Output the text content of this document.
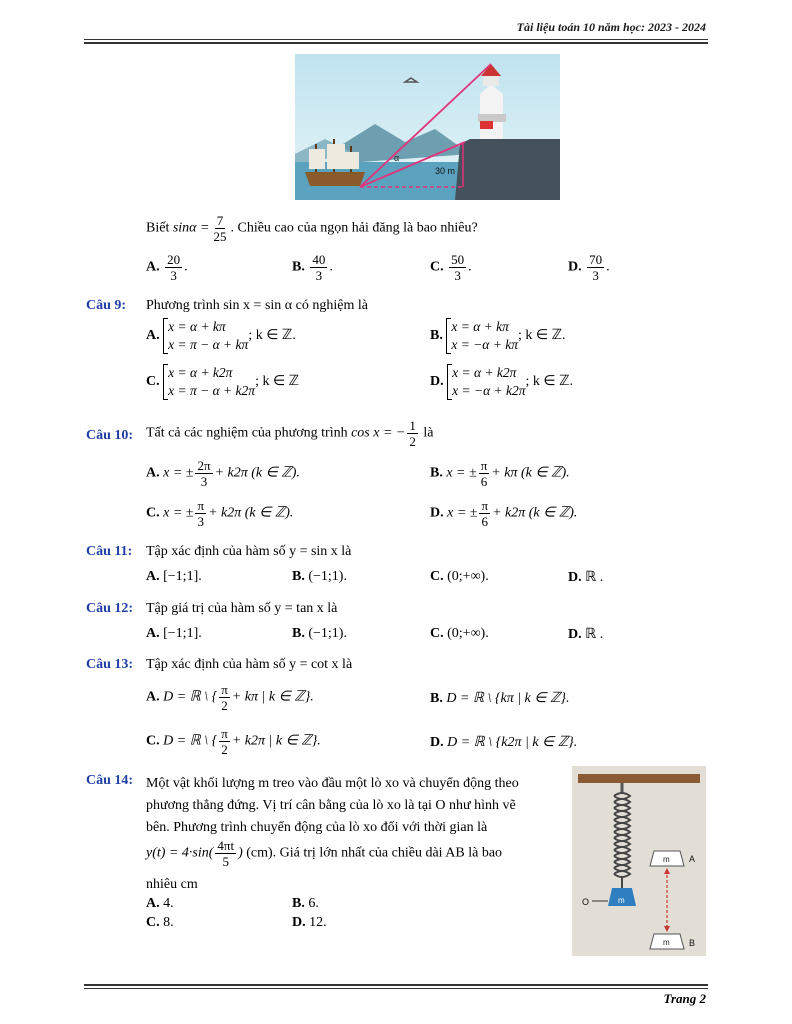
Tài liệu toán 10 năm học: 2023 - 2024
α
30 m
Biết $\sin\alpha = \frac{7}{25}$ . Chiều cao của ngọn hải đăng là bao nhiêu?
A. $\frac{20}{3}$ .	B. $\frac{40}{3}$ .	C. $\frac{50}{3}$ .	D. $\frac{70}{3}$ .
Câu 9: Phương trình sin x = sin α có nghiệm là
A.
x = α + kπ
x = π − α + kπ
; k ∈ ℤ.	B.
x = α + kπ
x = −α + kπ
; k ∈ ℤ.
C.
x = α + k2π
x = π − α + k2π
; k ∈ ℤ	D.
x = α + k2π
x = −α + k2π
; k ∈ ℤ.
Câu 10: Tất cả các nghiệm của phương trình cos x = − $\frac{1}{2}$ là
A. x = ± $\frac{2\pi}{3} + k2\pi$ (k ∈ ℤ).	B. x = ± $\frac{\pi}{6} + k\pi$ (k ∈ ℤ).
C. x = ± $\frac{\pi}{3} + k2\pi$ (k ∈ ℤ).	D. x = ± $\frac{\pi}{6} + k2\pi$ (k ∈ ℤ).
Câu 11: Tập xác định của hàm số y = sin x là
A. [−1;1].	B. (−1;1).	C. (0;+∞).	D. ℝ .
Câu 12: Tập giá trị của hàm số y = tan x là
A. [−1;1].	B. (−1;1).	C. (0;+∞).	D. ℝ .
Câu 13: Tập xác định của hàm số y = cot x là
A. D = ℝ \ { $\frac{\pi}{2} + k\pi$ | k ∈ ℤ}.	B. D = ℝ \ {kπ | k ∈ ℤ}.
C. D = ℝ \ { $\frac{\pi}{2} + k2\pi$ | k ∈ ℤ}.	D. D = ℝ \ {k2π | k ∈ ℤ}.
Câu 14: Một vật khối lượng m treo vào đầu một lò xo và chuyển động theo
phương thẳng đứng. Vị trí cân bằng của lò xo là tại O như hình vẽ
bên. Phương trình chuyển động của lò xo đối với thời gian là
$y(t) = 4\cdot\sin( \frac{4\pi t}{5}$ ) (cm). Giá trị lớn nhất của chiều dài AB là bao
nhiêu cm
A. 4.	B. 6.
C. 8.	D. 12.
m
O
m A
m B
Trang 2
